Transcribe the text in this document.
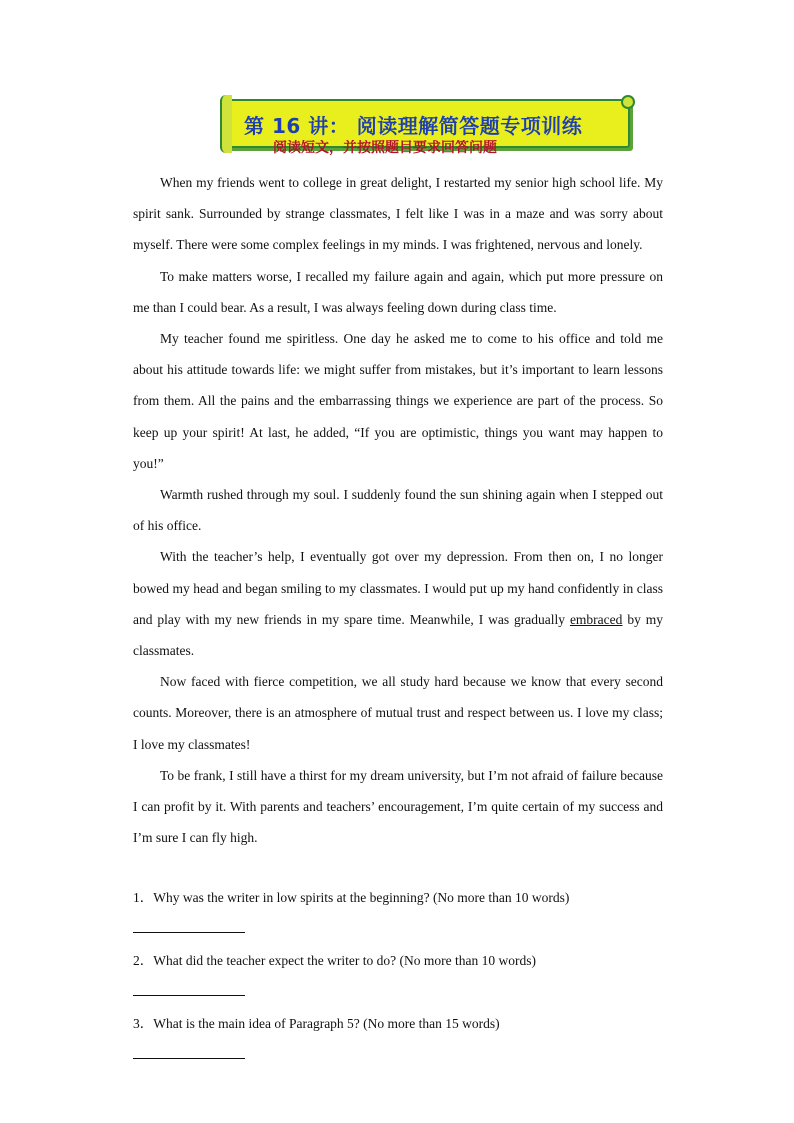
第 16 讲： 阅读理解简答题专项训练
阅读短文，并按照题目要求回答问题

When my friends went to college in great delight, I restarted my senior high school life. My spirit sank. Surrounded by strange classmates, I felt like I was in a maze and was sorry about myself. There were some complex feelings in my minds. I was frightened, nervous and lonely.

To make matters worse, I recalled my failure again and again, which put more pressure on me than I could bear. As a result, I was always feeling down during class time.

My teacher found me spiritless. One day he asked me to come to his office and told me about his attitude towards life: we might suffer from mistakes, but it’s important to learn lessons from them. All the pains and the embarrassing things we experience are part of the process. So keep up your spirit! At last, he added, “If you are optimistic, things you want may happen to you!”

Warmth rushed through my soul. I suddenly found the sun shining again when I stepped out of his office.

With the teacher’s help, I eventually got over my depression. From then on, I no longer bowed my head and began smiling to my classmates. I would put up my hand confidently in class and play with my new friends in my spare time. Meanwhile, I was gradually embraced by my classmates.

Now faced with fierce competition, we all study hard because we know that every second counts. Moreover, there is an atmosphere of mutual trust and respect between us. I love my class; I love my classmates!

To be frank, I still have a thirst for my dream university, but I’m not afraid of failure because I can profit by it. With parents and teachers’ encouragement, I’m quite certain of my success and I’m sure I can fly high.

1．Why was the writer in low spirits at the beginning? (No more than 10 words)

2．What did the teacher expect the writer to do? (No more than 10 words)

3．What is the main idea of Paragraph 5? (No more than 15 words)
